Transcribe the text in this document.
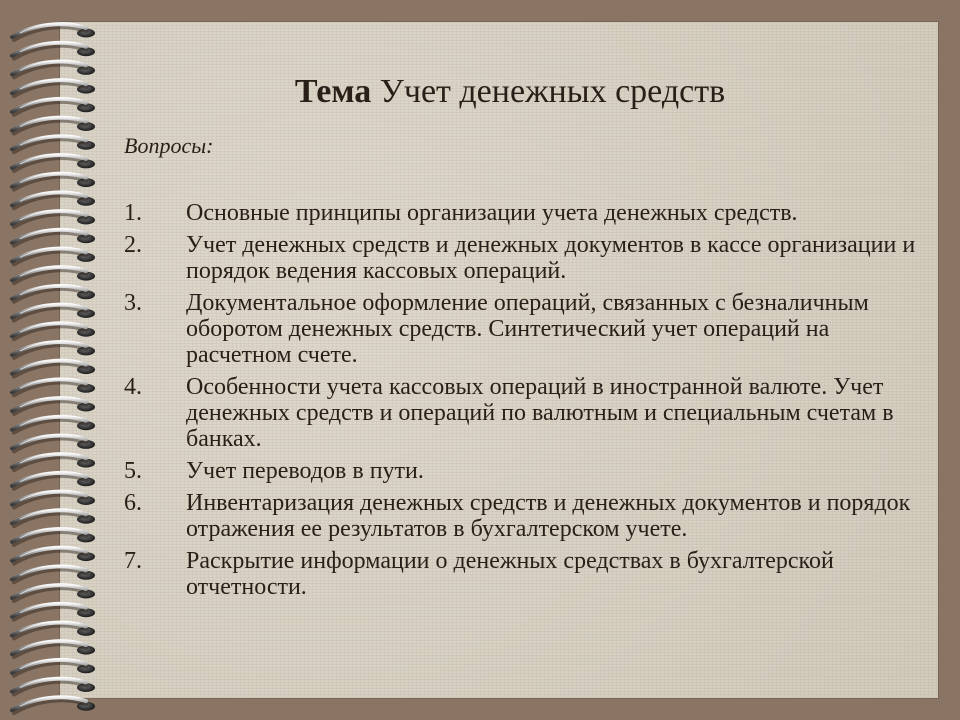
Тема Учет денежных средств
Вопросы:
1. Основные принципы организации учета денежных средств.
2. Учет денежных средств и денежных документов в кассе организации и порядок ведения кассовых операций.
3. Документальное оформление операций, связанных с безналичным оборотом денежных средств. Синтетический учет операций на расчетном счете.
4. Особенности учета кассовых операций в иностранной валюте. Учет денежных средств и операций по валютным и специальным счетам в банках.
5. Учет переводов в пути.
6. Инвентаризация денежных средств и денежных документов и порядок отражения ее результатов в бухгалтерском учете.
7. Раскрытие информации о денежных средствах в бухгалтерской отчетности.
